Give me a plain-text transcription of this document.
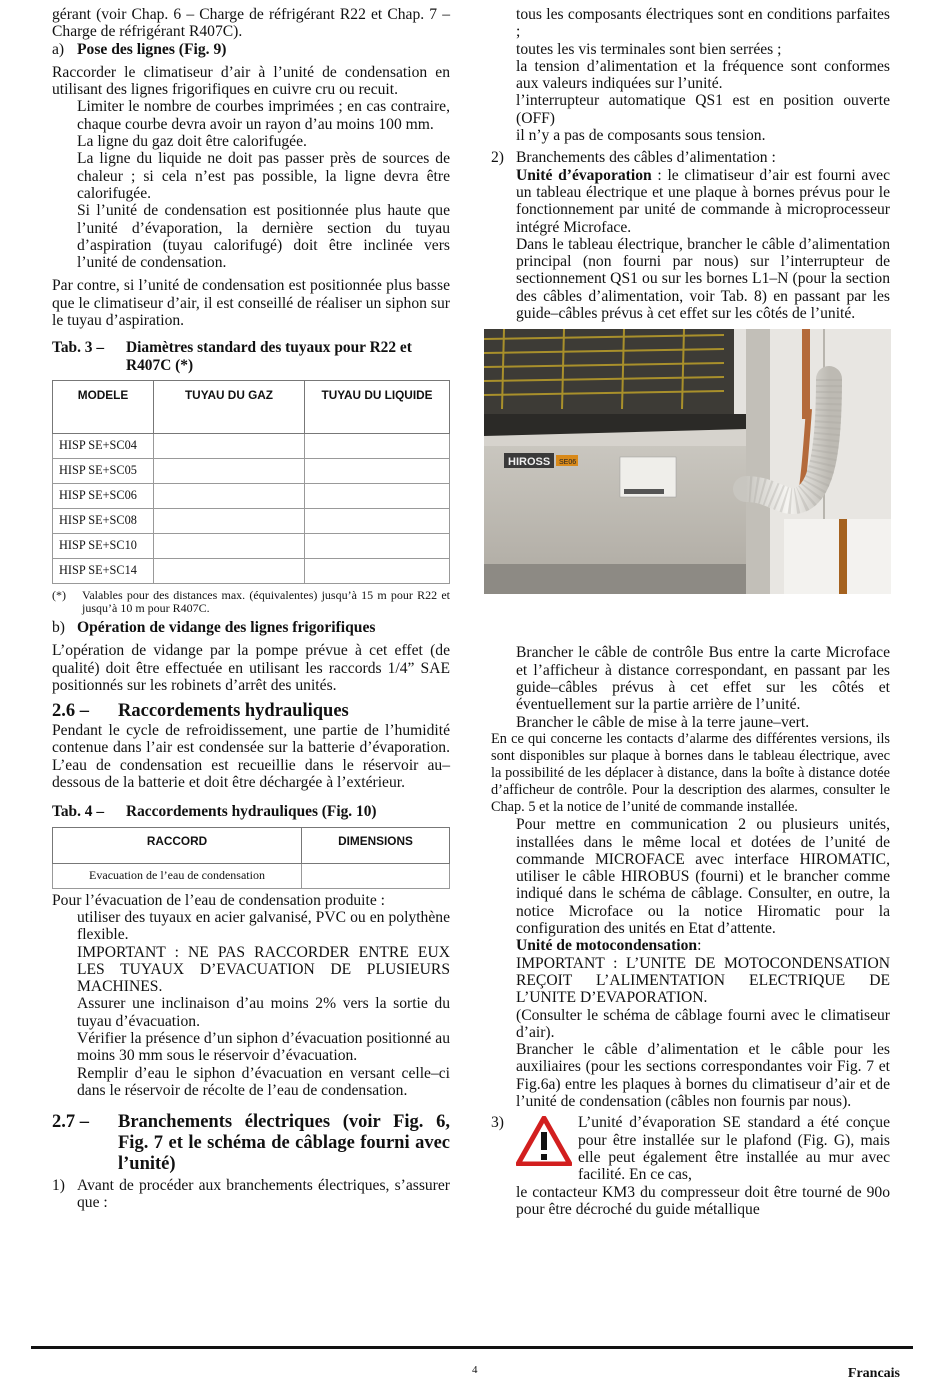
gérant (voir Chap. 6 – Charge de réfrigérant R22 et Chap. 7 – Charge de réfrigérant R407C).

a) Pose des lignes (Fig. 9)

Raccorder le climatiseur d’air à l’unité de condensation en utilisant des lignes frigorifiques en cuivre cru ou recuit.

Limiter le nombre de courbes imprimées ; en cas contraire, chaque courbe devra avoir un rayon d’au moins 100 mm.

La ligne du gaz doit être calorifugée.

La ligne du liquide ne doit pas passer près de sources de chaleur ; si cela n’est pas possible, la ligne devra être calorifugée.

Si l’unité de condensation est positionnée plus haute que l’unité d’évaporation, la dernière section du tuyau d’aspiration (tuyau calorifugé) doit être inclinée vers l’unité de condensation.

Par contre, si l’unité de condensation est positionnée plus basse que le climatiseur d’air, il est conseillé de réaliser un siphon sur le tuyau d’aspiration.

Tab. 3 –	Diamètres standard des tuyaux pour R22 et R407C (*)
MODELE	TUYAU DU GAZ	TUYAU DU LIQUIDE
HISP SE+SC04		
HISP SE+SC05		
HISP SE+SC06		
HISP SE+SC08		
HISP SE+SC10		
HISP SE+SC14		
(*)	Valables pour des distances max. (équivalentes) jusqu’à 15 m pour R22 et jusqu’à 10 m pour R407C.
b) Opération de vidange des lignes frigorifiques

L’opération de vidange par la pompe prévue à cet effet (de qualité) doit être effectuée en utilisant les raccords 1/4” SAE positionnés sur les robinets d’arrêt des unités.

2.6 –	Raccordements hydrauliques

Pendant le cycle de refroidissement, une partie de l’humidité contenue dans l’air est condensée sur la batterie d’évaporation. L’eau de condensation est recueillie dans le réservoir au–dessous de la batterie et doit être déchargée à l’extérieur.

Tab. 4 –	Raccordements hydrauliques (Fig. 10)
RACCORD	DIMENSIONS
Evacuation de l’eau de condensation	

Pour l’évacuation de l’eau de condensation produite :

utiliser des tuyaux en acier galvanisé, PVC ou en polythène flexible.

IMPORTANT : NE PAS RACCORDER ENTRE EUX LES TUYAUX D’EVACUATION DE PLUSIEURS MACHINES.

Assurer une inclinaison d’au moins 2% vers la sortie du tuyau d’évacuation.

Vérifier la présence d’un siphon d’évacuation positionné au moins 30 mm sous le réservoir d’évacuation.

Remplir d’eau le siphon d’évacuation en versant celle–ci dans le réservoir de récolte de l’eau de condensation.

2.7 –	Branchements électriques (voir Fig. 6, Fig. 7 et le schéma de câblage fourni avec l’unité)
1) Avant de procéder aux branchements électriques, s’assurer que :

tous les composants électriques sont en conditions parfaites ;

toutes les vis terminales sont bien serrées ;

la tension d’alimentation et la fréquence sont conformes aux valeurs indiquées sur l’unité.

l’interrupteur automatique QS1 est en position ouverte (OFF)

il n’y a pas de composants sous tension.

2) Branchements des câbles d’alimentation :

Unité d’évaporation : le climatiseur d’air est fourni avec un tableau électrique et une plaque à bornes prévus pour le fonctionnement par unité de commande à microprocesseur intégré Microface.

Dans le tableau électrique, brancher le câble d’alimentation principal (non fourni par nous) sur l’interrupteur de sectionnement QS1 ou sur les bornes L1–N (pour la section des câbles d’alimentation, voir Tab. 8) en passant par les guide–câbles prévus à cet effet sur les côtés de l’unité.

HIROSS SE06

Brancher le câble de contrôle Bus entre la carte Microface et l’afficheur à distance correspondant, en passant par les guide–câbles prévus à cet effet sur les côtés et éventuellement sur la partie arrière de l’unité.

Brancher le câble de mise à la terre jaune–vert.

En ce qui concerne les contacts d’alarme des différentes versions, ils sont disponibles sur plaque à bornes dans le tableau électrique, avec la possibilité de les déplacer à distance, dans la boîte à distance dotée d’afficheur de contrôle. Pour la description des alarmes, consulter le Chap. 5 et la notice de l’unité de commande installée.

Pour mettre en communication 2 ou plusieurs unités, installées dans le même local et dotées de l’unité de commande MICROFACE avec interface HIROMATIC, utiliser le câble HIROBUS (fourni) et le brancher comme indiqué dans le schéma de câblage. Consulter, en outre, la notice Microface ou la notice Hiromatic pour la configuration des unités en Etat d’attente.

Unité de motocondensation:

IMPORTANT : L’UNITE DE MOTOCONDENSATION REÇOIT L’ALIMENTATION ELECTRIQUE DE L’UNITE D’EVAPORATION.

(Consulter le schéma de câblage fourni avec le climatiseur d’air).

Brancher le câble d’alimentation et le câble pour les auxiliaires (pour les sections correspondantes voir Fig. 7 et Fig.6a) entre les plaques à bornes du climatiseur d’air et de l’unité de condensation (câbles non fournis par nous).

3)	L’unité d’évaporation SE standard a été conçue pour être installée sur le plafond (Fig. G), mais elle peut également être installée au mur avec facilité. En ce cas,

le contacteur KM3 du compresseur doit être tourné de 90o pour être décroché du guide métallique

4	Francais
